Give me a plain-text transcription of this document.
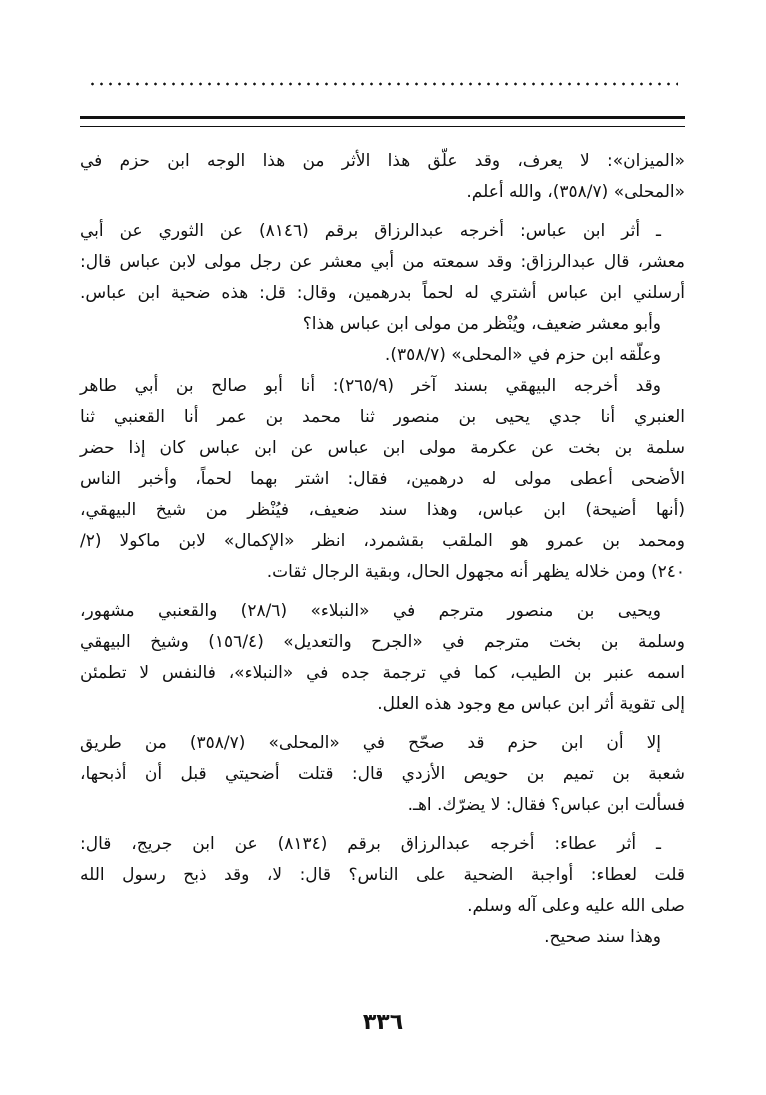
«الميزان»: لا يعرف، وقد علّق هذا الأثر من هذا الوجه ابن حزم في
«المحلى» (٣٥٨/٧)، والله أعلم.
ـ أثر ابن عباس: أخرجه عبدالرزاق برقم (٨١٤٦) عن الثوري عن أبي
معشر، قال عبدالرزاق: وقد سمعته من أبي معشر عن رجل مولى لابن عباس قال:
أرسلني ابن عباس أشتري له لحماً بدرهمين، وقال: قل: هذه ضحية ابن عباس.
وأبو معشر ضعيف، ويُنْظر من مولى ابن عباس هذا؟
وعلّقه ابن حزم في «المحلى» (٣٥٨/٧).
وقد أخرجه البيهقي بسند آخر (٢٦٥/٩): أنا أبو صالح بن أبي طاهر
العنبري أنا جدي يحيى بن منصور ثنا محمد بن عمر أنا القعنبي ثنا
سلمة بن بخت عن عكرمة مولى ابن عباس عن ابن عباس كان إذا حضر
الأضحى أعطى مولى له درهمين، فقال: اشتر بهما لحماً، وأخبر الناس
(أنها أضيحة) ابن عباس، وهذا سند ضعيف، فيُنْظر من شيخ البيهقي،
ومحمد بن عمرو هو الملقب بقشمرد، انظر «الإكمال» لابن ماكولا (٢/
٢٤٠) ومن خلاله يظهر أنه مجهول الحال، وبقية الرجال ثقات.
ويحيى بن منصور مترجم في «النبلاء» (٢٨/٦) والقعنبي مشهور،
وسلمة بن بخت مترجم في «الجرح والتعديل» (١٥٦/٤) وشيخ البيهقي
اسمه عنبر بن الطيب، كما في ترجمة جده في «النبلاء»، فالنفس لا تطمئن
إلى تقوية أثر ابن عباس مع وجود هذه العلل.
إلا أن ابن حزم قد صحّح في «المحلى» (٣٥٨/٧) من طريق
شعبة بن تميم بن حويص الأزدي قال: قتلت أضحيتي قبل أن أذبحها،
فسألت ابن عباس؟ فقال: لا يضرّك. اهـ.
ـ أثر عطاء: أخرجه عبدالرزاق برقم (٨١٣٤) عن ابن جريج، قال:
قلت لعطاء: أواجبة الضحية على الناس؟ قال: لا، وقد ذبح رسول الله
صلى الله عليه وعلى آله وسلم.
وهذا سند صحيح.
٣٣٦
